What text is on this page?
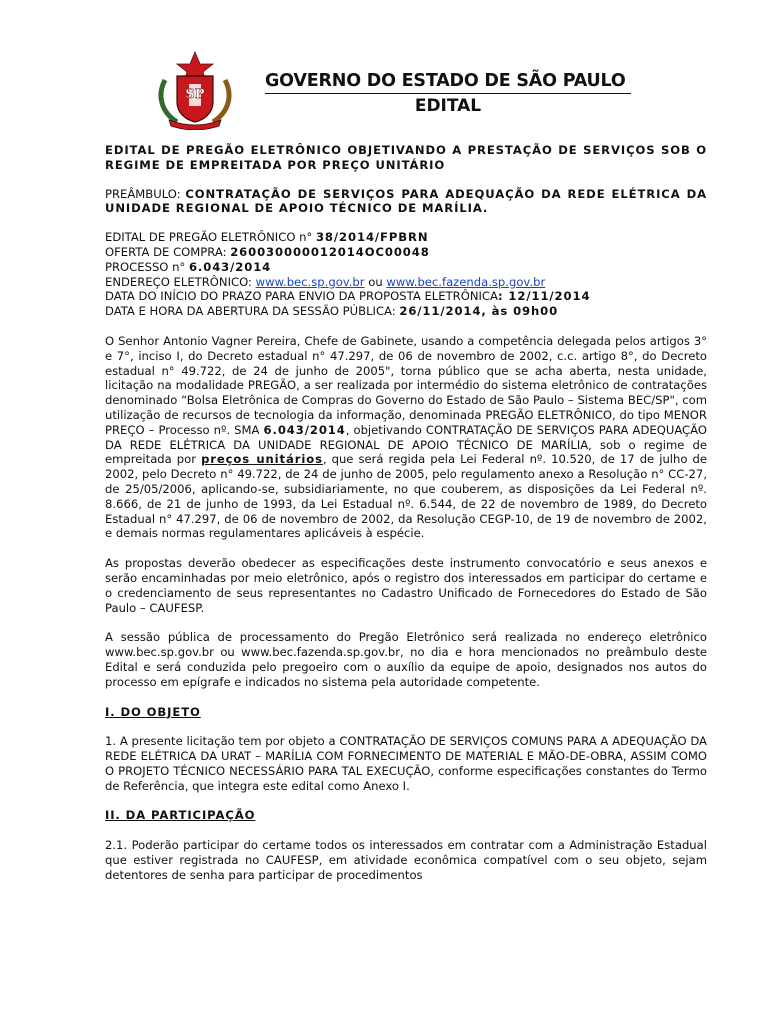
SP
GOVERNO DO ESTADO DE SÃO PAULO
EDITAL

EDITAL DE PREGÃO ELETRÔNICO OBJETIVANDO A PRESTAÇÃO DE SERVIÇOS SOB O REGIME DE EMPREITADA POR PREÇO UNITÁRIO

PREÂMBULO: CONTRATAÇÃO DE SERVIÇOS PARA ADEQUAÇÃO DA REDE ELÉTRICA DA UNIDADE REGIONAL DE APOIO TÉCNICO DE MARÍLIA.

EDITAL DE PREGÃO ELETRÔNICO n° 38/2014/FPBRN

OFERTA DE COMPRA: 260030000012014OC00048

PROCESSO n° 6.043/2014

ENDEREÇO ELETRÔNICO: www.bec.sp.gov.br ou www.bec.fazenda.sp.gov.br

DATA DO INÍCIO DO PRAZO PARA ENVIO DA PROPOSTA ELETRÔNICA: 12/11/2014

DATA E HORA DA ABERTURA DA SESSÃO PÚBLICA: 26/11/2014, às 09h00

O Senhor Antonio Vagner Pereira, Chefe de Gabinete, usando a competência delegada pelos artigos 3° e 7°, inciso I, do Decreto estadual n° 47.297, de 06 de novembro de 2002, c.c. artigo 8°, do Decreto estadual n° 49.722, de 24 de junho de 2005", torna público que se acha aberta, nesta unidade, licitação na modalidade PREGÃO, a ser realizada por intermédio do sistema eletrônico de contratações denominado “Bolsa Eletrônica de Compras do Governo do Estado de São Paulo – Sistema BEC/SP", com utilização de recursos de tecnologia da informação, denominada PREGÃO ELETRÔNICO, do tipo MENOR PREÇO – Processo nº. SMA 6.043/2014, objetivando CONTRATAÇÃO DE SERVIÇOS PARA ADEQUAÇÃO DA REDE ELÉTRICA DA UNIDADE REGIONAL DE APOIO TÉCNICO DE MARÍLIA, sob o regime de empreitada por preços unitários, que será regida pela Lei Federal nº. 10.520, de 17 de julho de 2002, pelo Decreto n° 49.722, de 24 de junho de 2005, pelo regulamento anexo a Resolução n° CC-27, de 25/05/2006, aplicando-se, subsidiariamente, no que couberem, as disposições da Lei Federal nº. 8.666, de 21 de junho de 1993, da Lei Estadual nº. 6.544, de 22 de novembro de 1989, do Decreto Estadual n° 47.297, de 06 de novembro de 2002, da Resolução CEGP-10, de 19 de novembro de 2002, e demais normas regulamentares aplicáveis à espécie.

As propostas deverão obedecer as especificações deste instrumento convocatório e seus anexos e serão encaminhadas por meio eletrônico, após o registro dos interessados em participar do certame e o credenciamento de seus representantes no Cadastro Unificado de Fornecedores do Estado de São Paulo – CAUFESP.

A sessão pública de processamento do Pregão Eletrônico será realizada no endereço eletrônico www.bec.sp.gov.br ou www.bec.fazenda.sp.gov.br, no dia e hora mencionados no preâmbulo deste Edital e será conduzida pelo pregoeiro com o auxílio da equipe de apoio, designados nos autos do processo em epígrafe e indicados no sistema pela autoridade competente.

I. DO OBJETO

1. A presente licitação tem por objeto a CONTRATAÇÃO DE SERVIÇOS COMUNS PARA A ADEQUAÇÃO DA REDE ELÉTRICA DA URAT – MARÍLIA COM FORNECIMENTO DE MATERIAL E MÃO-DE-OBRA, ASSIM COMO O PROJETO TÉCNICO NECESSÁRIO PARA TAL EXECUÇÃO, conforme especificações constantes do Termo de Referência, que integra este edital como Anexo I.

II. DA PARTICIPAÇÃO

2.1. Poderão participar do certame todos os interessados em contratar com a Administração Estadual que estiver registrada no CAUFESP, em atividade econômica compatível com o seu objeto, sejam detentores de senha para participar de procedimentos
